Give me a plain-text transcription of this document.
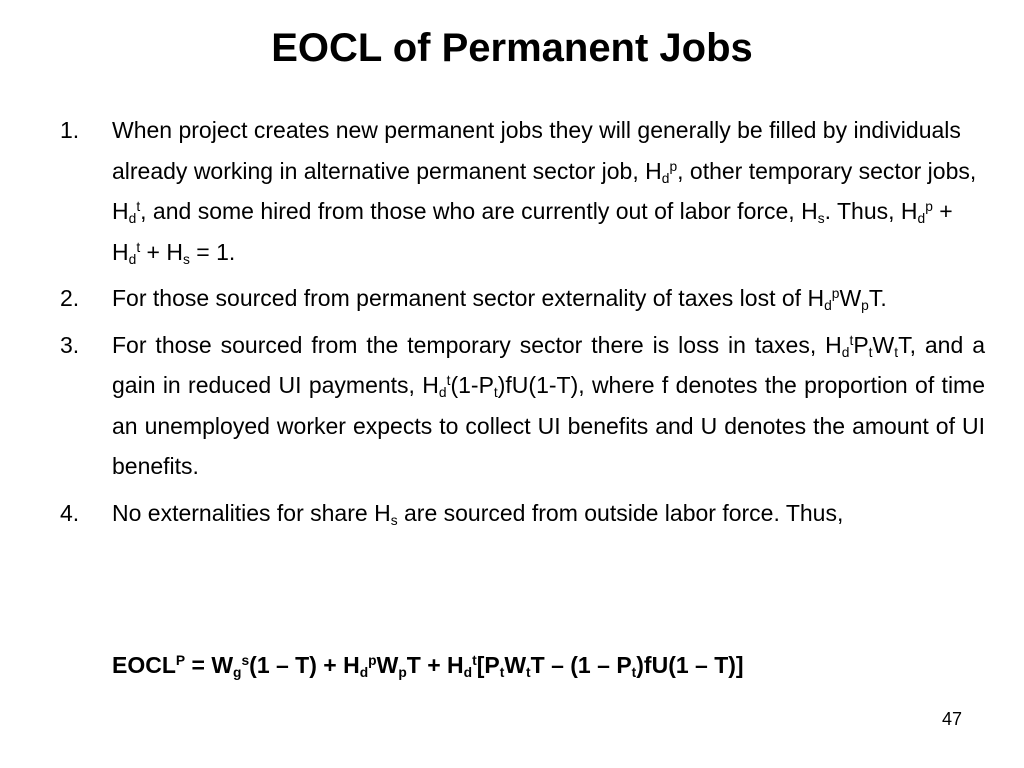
EOCL of Permanent Jobs
1. When project creates new permanent jobs they will generally be filled by individuals already working in alternative permanent sector job, $H_d^p$, other temporary sector jobs, $H_d^t$, and some hired from those who are currently out of labor force, $H_s$. Thus, $H_d^p + H_d^t + H_s = 1$.
2. For those sourced from permanent sector externality of taxes lost of $H_d^pW_pT$.
3. For those sourced from the temporary sector there is loss in taxes, $H_d^tP_tW_tT$, and a gain in reduced UI payments, $H_d^t(1-P_t)fU(1-T)$, where f denotes the proportion of time an unemployed worker expects to collect UI benefits and U denotes the amount of UI benefits.
4. No externalities for share $H_s$ are sourced from outside labor force. Thus,
$EOCL^P = W_g^s(1 - T) + H_d^pW_pT + H_d^t[P_tW_tT - (1 - P_t)fU(1 - T)]$
47
